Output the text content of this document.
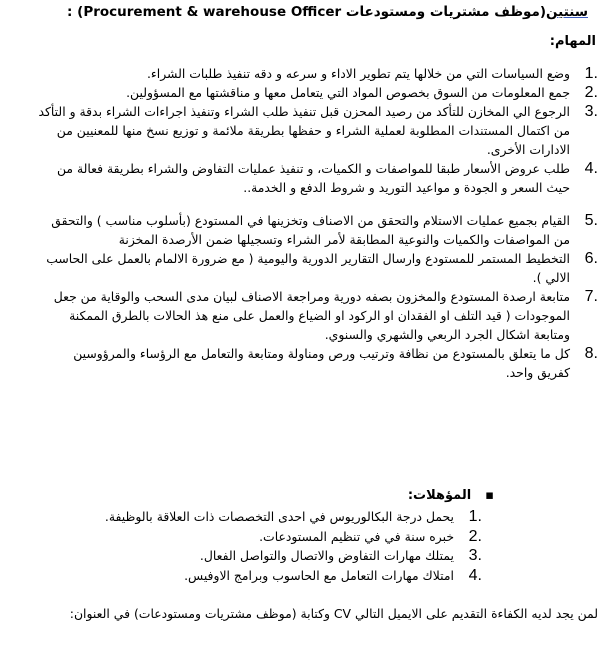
سنتين(موظف مشتريات ومستودعات Procurement & warehouse Officer) :
المهام:
1.
وضع السياسات التي من خلالها يتم تطوير الاداء و سرعه و دقه تنفيذ طلبات الشراء.
2.
جمع المعلومات من السوق بخصوص المواد التي يتعامل معها و مناقشتها مع المسؤولين.
3.
الرجوع الي المخازن للتأكد من رصيد المحزن قبل تنفيذ طلب الشراء وتنفيذ اجراءات الشراء بدقة و التأكد من اكتمال المستندات المطلوبة لعملية الشراء و حفظها بطريقة ملائمة و توزيع نسخ منها للمعنيين من الادارات الأخرى.
4.
طلب عروض الأسعار طبقا للمواصفات و الكميات، و تنفيذ عمليات التفاوض والشراء بطريقة فعالة من حيث السعر و الجودة و مواعيد التوريد و شروط الدفع و الخدمة..
5.
القيام بجميع عمليات الاستلام والتحقق من الاصناف وتخزينها في المستودع (بأسلوب مناسب ) والتحقق من المواصفات والكميات والنوعية المطابقة لأمر الشراء وتسجيلها ضمن الأرصدة المخزنة
6.
التخطيط المستمر للمستودع وارسال التقارير الدورية واليومية ( مع ضرورة الالمام بالعمل على الحاسب الالي ).
7.
متابعة ارصدة المستودع والمخزون بصفه دورية ومراجعة الاصناف لبيان مدى السحب والوقاية من جعل الموجودات ( قيد التلف او الفقدان او الركود او الضياع والعمل على منع هذ الحالات بالطرق الممكنة ومتابعة اشكال الجرد الربعي والشهري والسنوي.
8.
كل ما يتعلق بالمستودع من نظافة وترتيب ورص ومناولة ومتابعة والتعامل مع الرؤساء والمرؤوسين كفريق واحد.
▪المؤهلات:
1.
يحمل درجة البكالوريوس في احدى التخصصات ذات العلاقة بالوظيفة.
2.
خبره سنة في في تنظيم المستودعات.
3.
يمتلك مهارات التفاوض والاتصال والتواصل الفعال.
4.
امتلاك مهارات التعامل مع الحاسوب وبرامج الاوفيس.

لمن يجد لديه الكفاءة التقديم على الايميل التالي CV وكتابة (موظف مشتريات ومستودعات) في العنوان:
